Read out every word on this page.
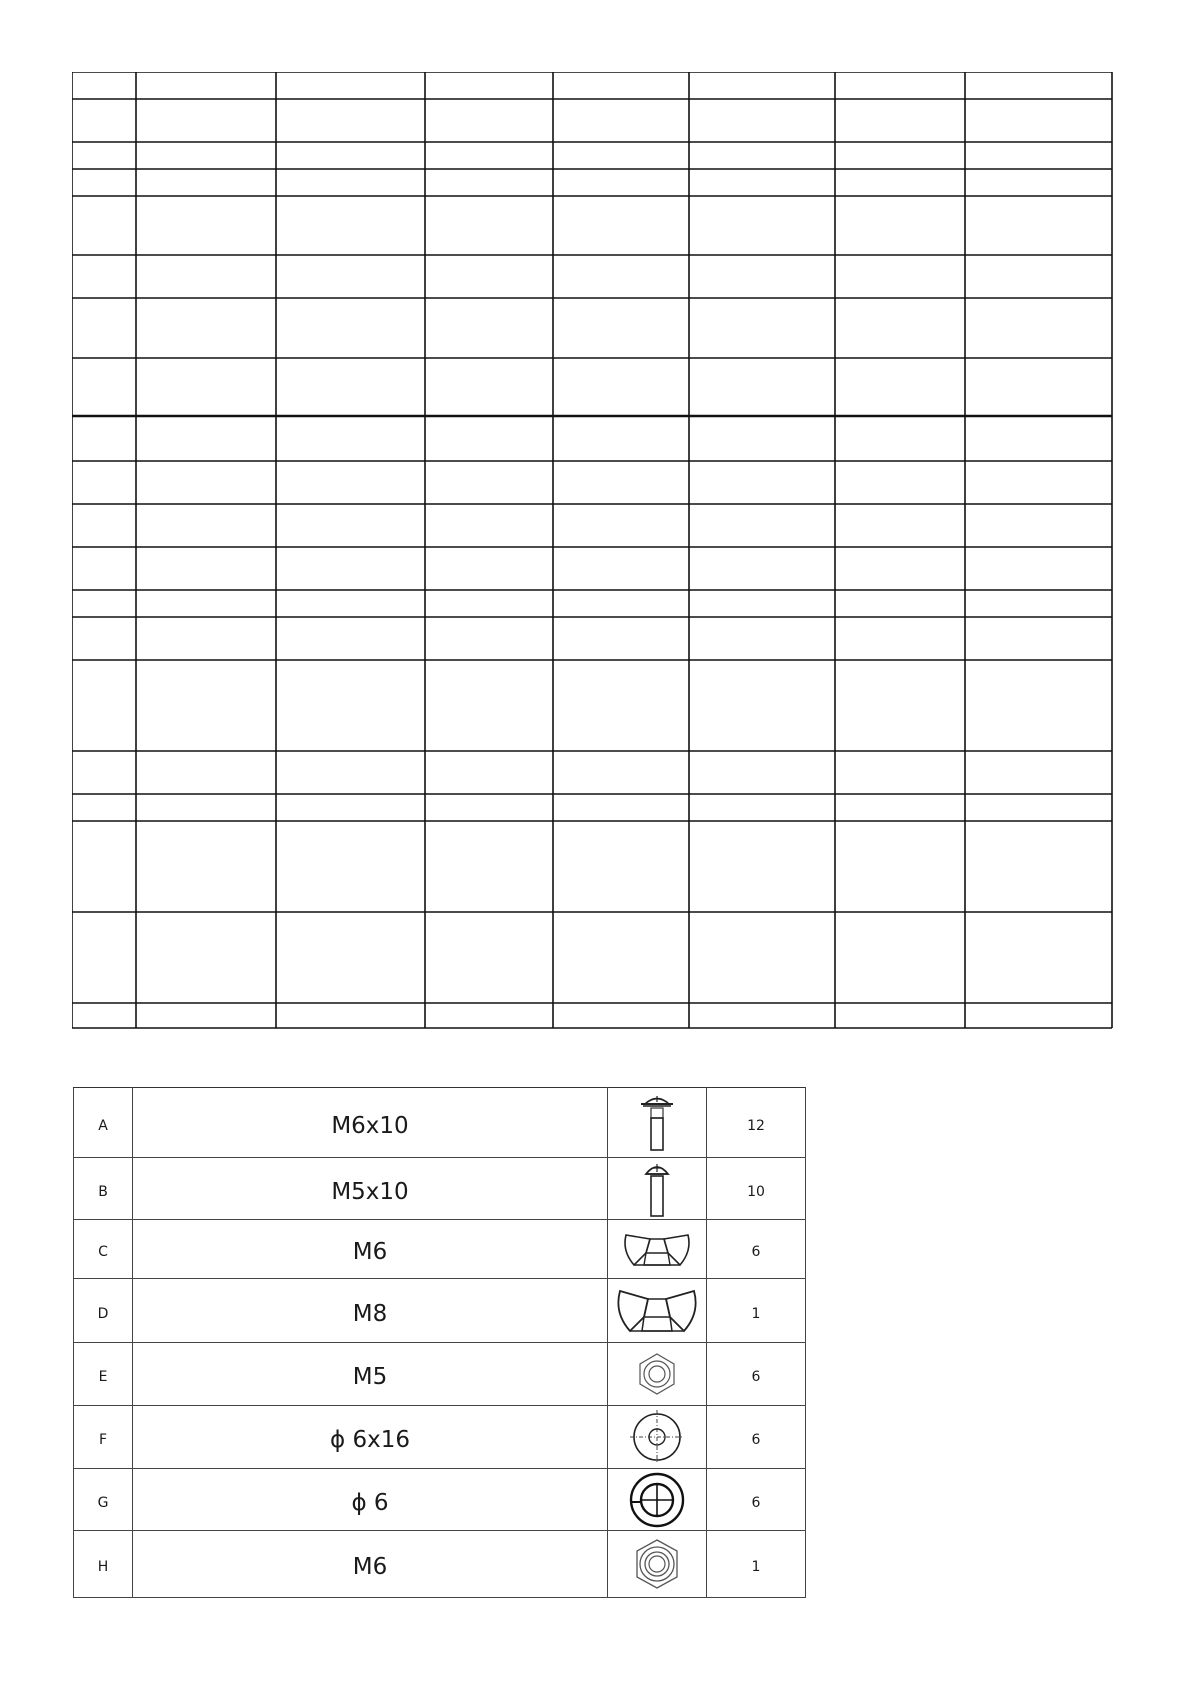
A	M6x10		12
B	M5x10		10
C	M6		6
D	M8		1
E	M5		6
F	ϕ 6x16		6
G	ϕ 6		6
H	M6		1
